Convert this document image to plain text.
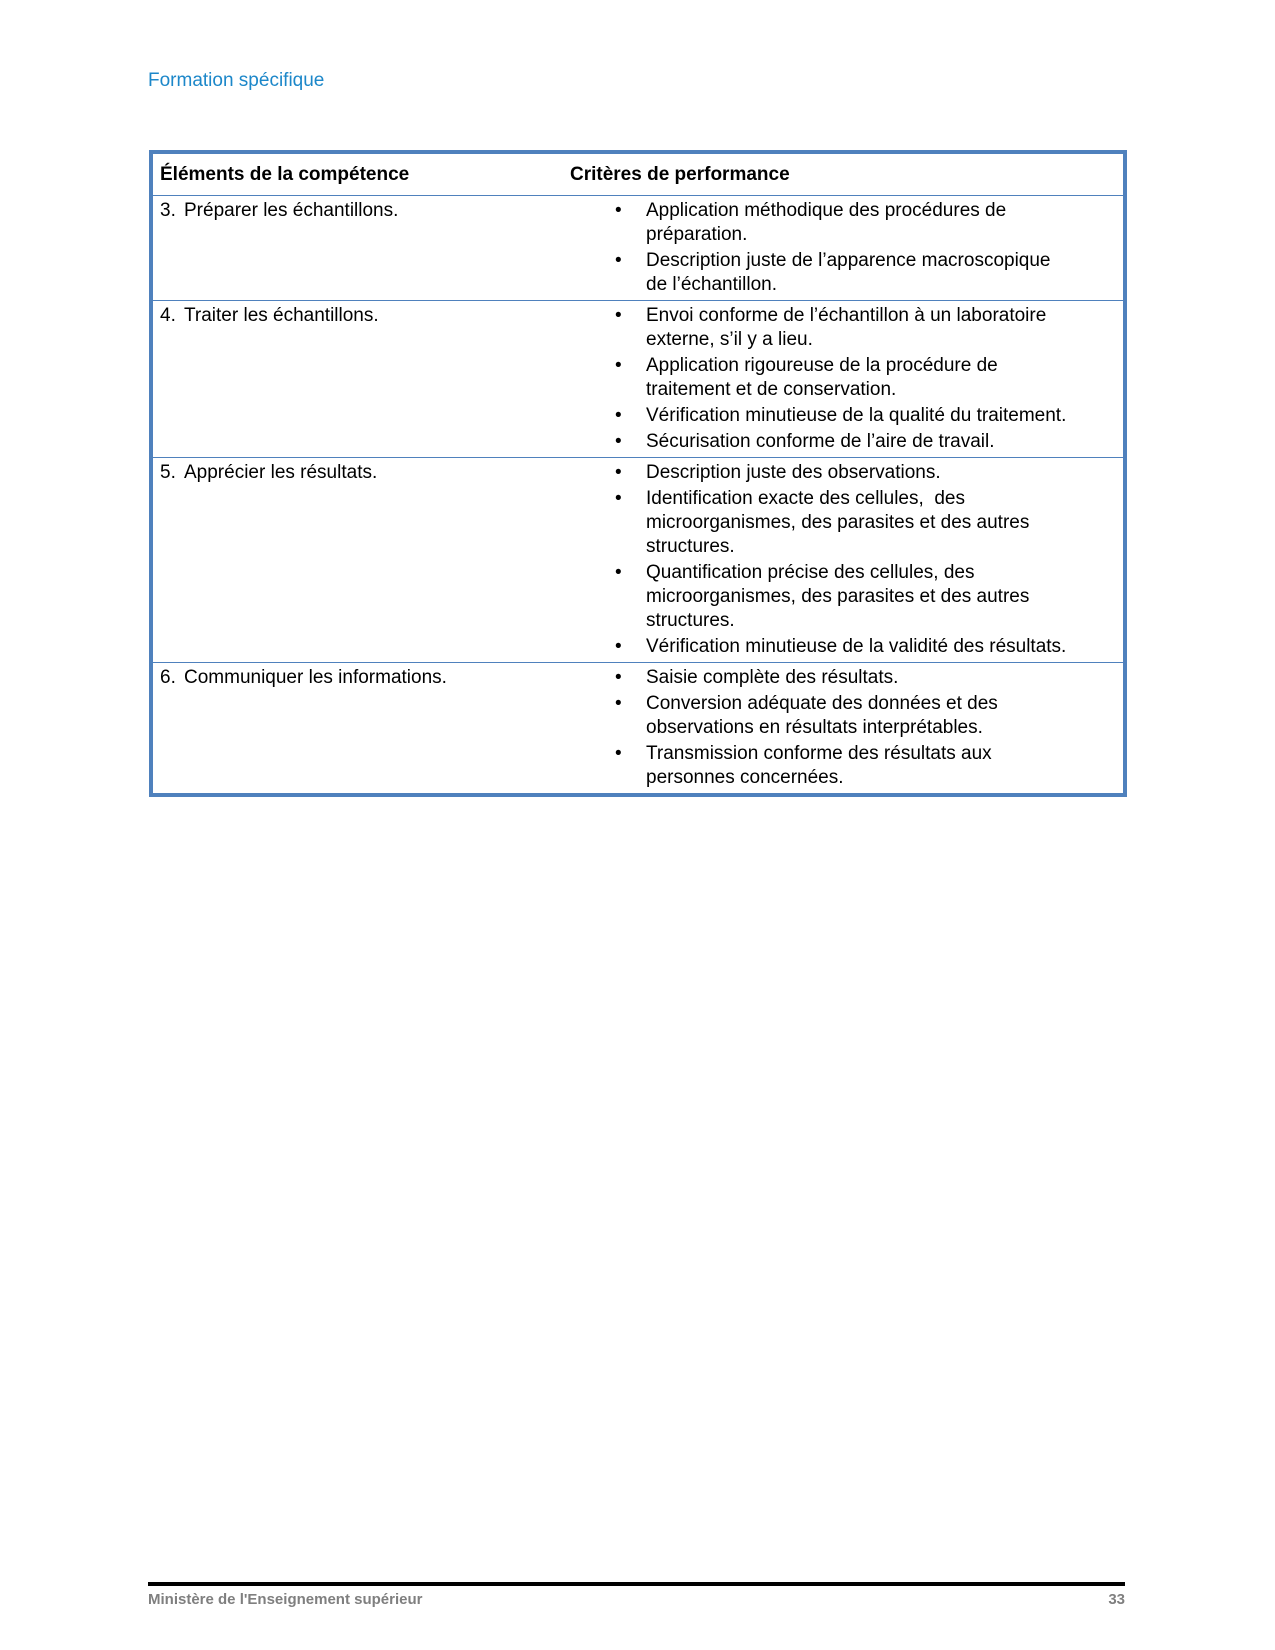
Formation spécifique
Éléments de la compétence	Critères de performance
3. Préparer les échantillons.	• Application méthodique des procédures de
préparation.
• Description juste de l’apparence macroscopique
de l’échantillon.

4. Traiter les échantillons.	• Envoi conforme de l’échantillon à un laboratoire
externe, s’il y a lieu.
• Application rigoureuse de la procédure de
traitement et de conservation.
• Vérification minutieuse de la qualité du traitement.
• Sécurisation conforme de l’aire de travail.

5. Apprécier les résultats.	• Description juste des observations.
• Identification exacte des cellules,  des
microorganismes, des parasites et des autres
structures.
• Quantification précise des cellules, des
microorganismes, des parasites et des autres
structures.
• Vérification minutieuse de la validité des résultats.

6. Communiquer les informations.	• Saisie complète des résultats.
• Conversion adéquate des données et des
observations en résultats interprétables.
• Transmission conforme des résultats aux
personnes concernées.
Ministère de l'Enseignement supérieur	33
